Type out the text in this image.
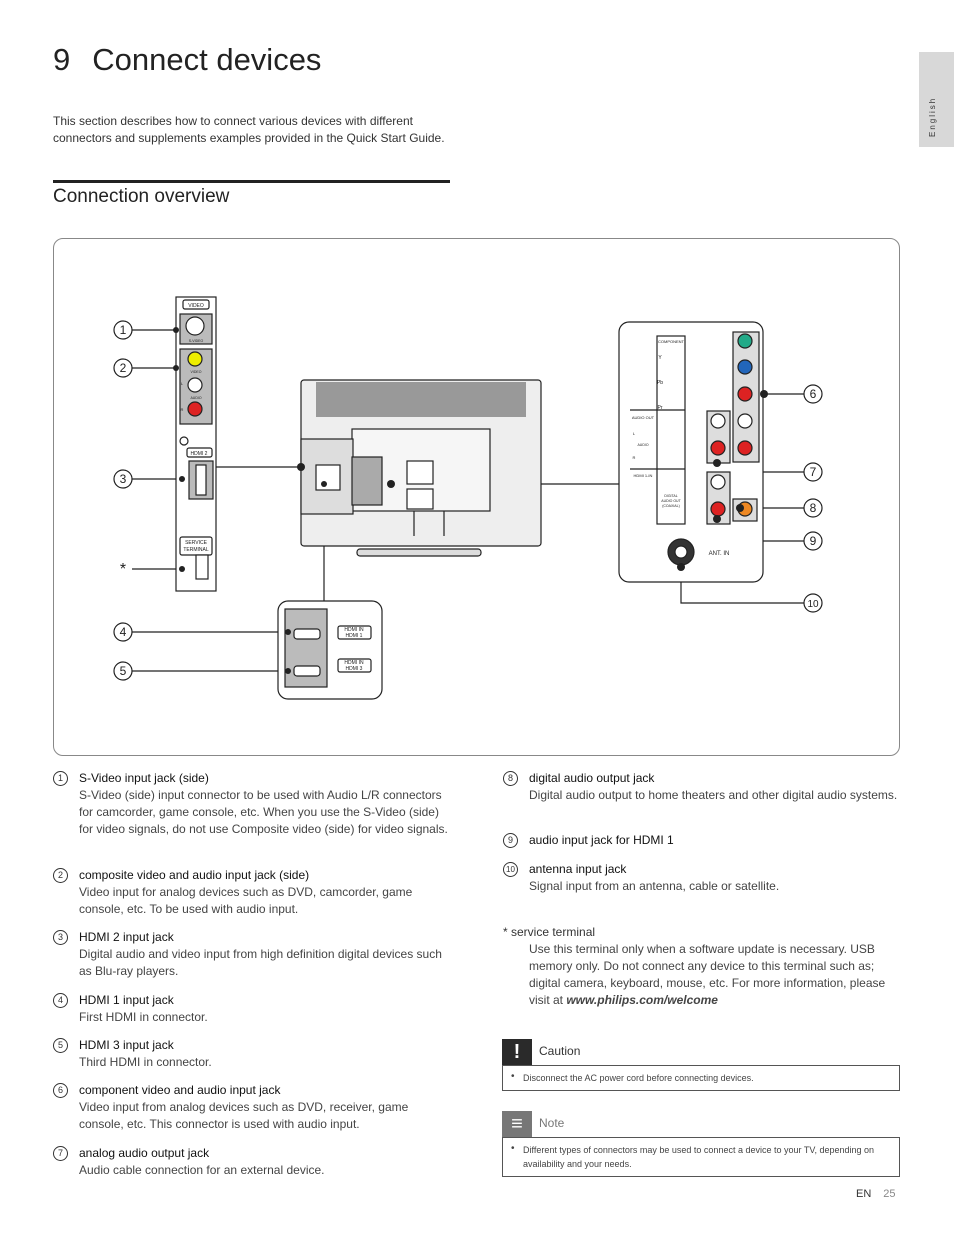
9 Connect devices
English
This section describes how to connect various devices with different connectors and supplements examples provided in the Quick Start Guide.
Connection overview
1
2
3
*
4
5
6
7
8
9
10
VIDEO
S-VIDEO
VIDEO
AUDIO
L
R
HDMI 2
SERVICE
TERMINAL
HDMI IN
HDMI 1
HDMI IN
HDMI 3
COMPONENT
Y
Pb
Pr
AUDIO OUT
HDMI 1-IN
AUDIO
L
R
DIGITAL
AUDIO OUT
(COAXIAL)
ANT. IN
1	S-Video input jack (side)
S-Video (side) input connector to be used with Audio L/R connectors for camcorder, game console, etc. When you use the S-Video (side) for video signals, do not use Composite video (side) for video signals.
2	composite video and audio input jack (side)
Video input for analog devices such as DVD, camcorder, game console, etc. To be used with audio input.
3	HDMI 2 input jack
Digital audio and video input from high definition digital devices such as Blu-ray players.
4	HDMI 1 input jack
First HDMI in connector.
5	HDMI 3 input jack
Third HDMI in connector.
6	component video and audio input jack
Video input from analog devices such as DVD, receiver, game console, etc. This connector is used with audio input.
7	analog audio output jack
Audio cable connection for an external device.
8	digital audio output jack
Digital audio output to home theaters and other digital audio systems.
9	audio input jack for HDMI 1
10 antenna input jack
Signal input from an antenna, cable or satellite.
* service terminal
Use this terminal only when a software update is necessary. USB memory only. Do not connect any device to this terminal such as; digital camera, keyboard, mouse, etc. For more information, please visit at www.philips.com/welcome
!	Caution
• Disconnect the AC power cord before connecting devices.
≡	Note
• Different types of connectors may be used to connect a device to your TV, depending on availability and your needs.
EN 25
